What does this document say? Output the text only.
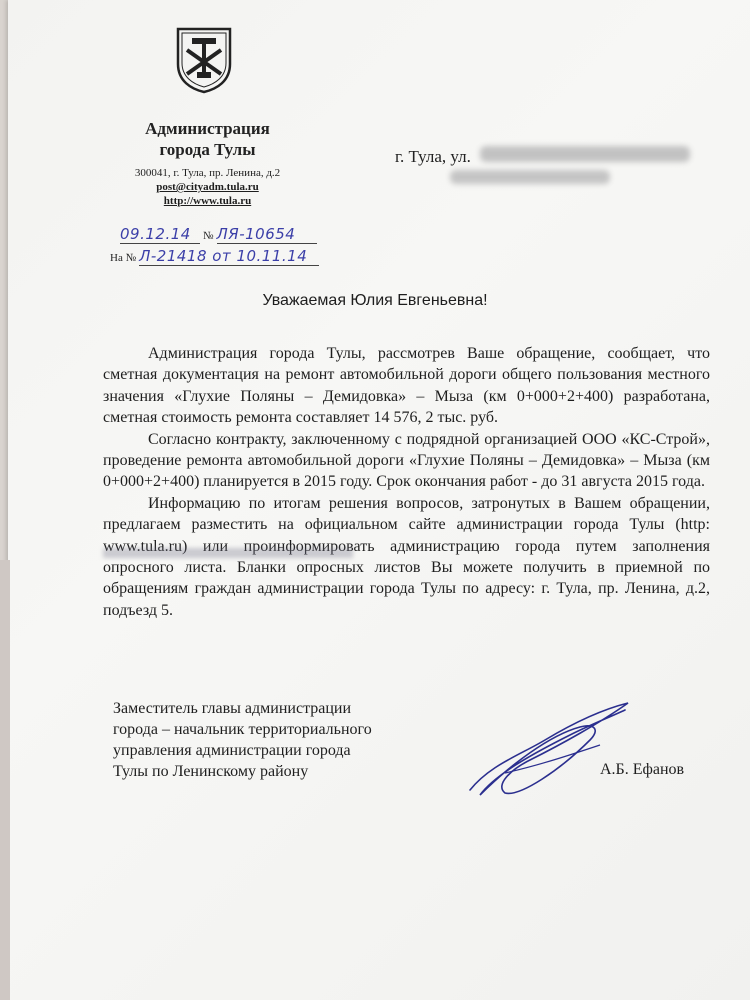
Администрация
города Тулы
300041, г. Тула, пр. Ленина, д.2
post@cityadm.tula.ru
http://www.tula.ru
г. Тула, ул.
09.12.14 № ЛЯ-10654
На № Л-21418 от 10.11.14
Уважаемая Юлия Евгеньевна!

Администрация города Тулы, рассмотрев Ваше обращение, сообщает, что сметная документация на ремонт автомобильной дороги общего пользования местного значения «Глухие Поляны – Демидовка» – Мыза (км 0+000+2+400) разработана, сметная стоимость ремонта составляет 14 576, 2 тыс. руб.

Согласно контракту, заключенному с подрядной организацией ООО «КС-Строй», проведение ремонта автомобильной дороги «Глухие Поляны – Демидовка» – Мыза (км 0+000+2+400) планируется в 2015 году. Срок окончания работ - до 31 августа 2015 года.

Информацию по итогам решения вопросов, затронутых в Вашем обращении, предлагаем разместить на официальном сайте администрации города Тулы (http: www.tula.ru) или проинформировать администрацию города путем заполнения опросного листа. Бланки опросных листов Вы можете получить в приемной по обращениям граждан администрации города Тулы по адресу: г. Тула, пр. Ленина, д.2, подъезд 5.

Заместитель главы администрации
города – начальник территориального
управления администрации города
Тулы по Ленинскому району	А.Б. Ефанов
